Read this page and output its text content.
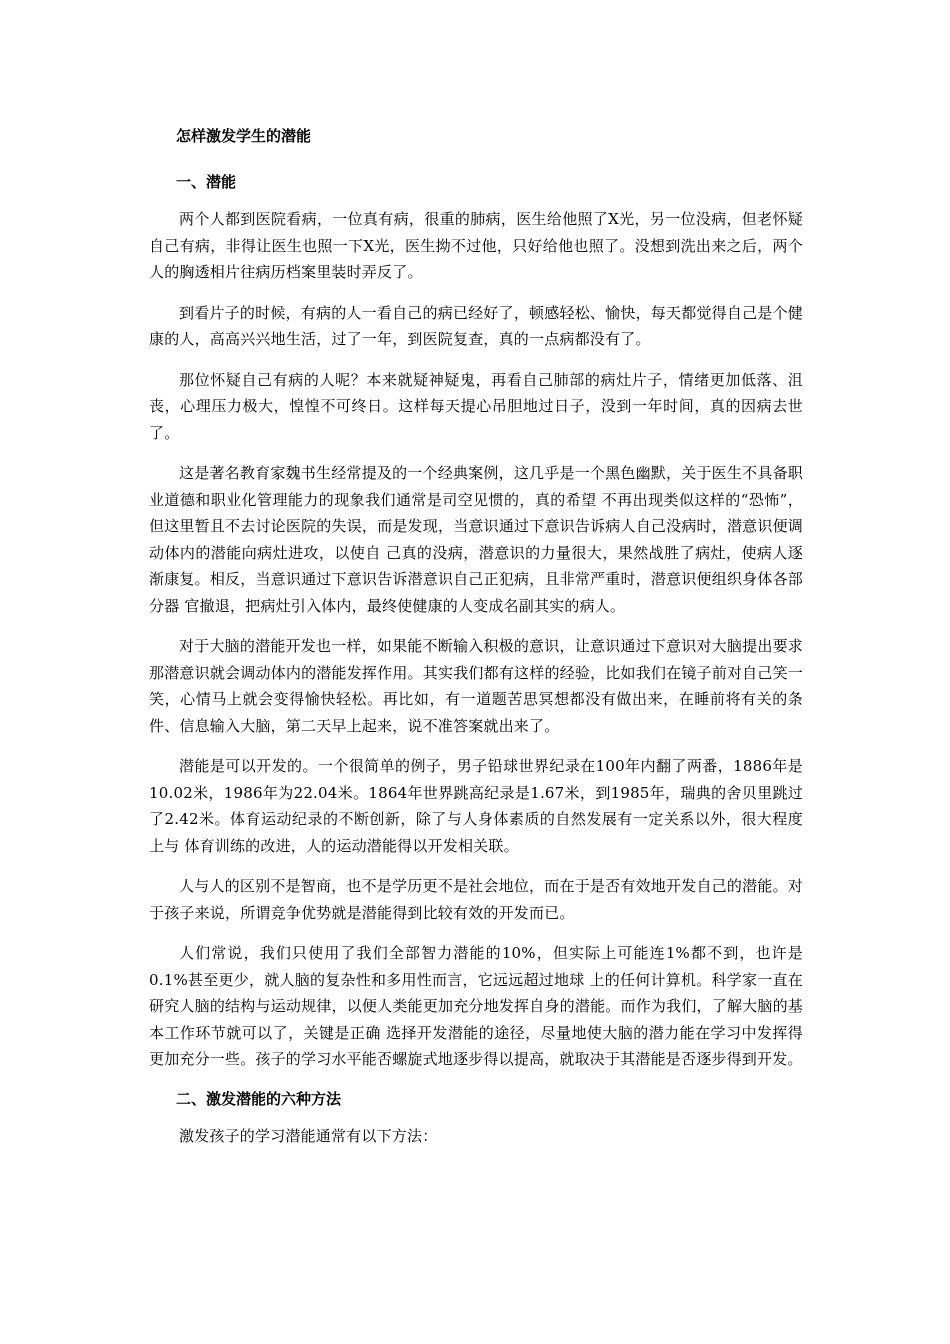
怎样激发学生的潜能
一、潜能

两个人都到医院看病，一位真有病，很重的肺病，医生给他照了X光，另一位没病，但老怀疑自己有病，非得让医生也照一下X光，医生拗不过他，只好给他也照了。没想到洗出来之后，两个人的胸透相片往病历档案里装时弄反了。

到看片子的时候，有病的人一看自己的病已经好了，顿感轻松、愉快，每天都觉得自己是个健康的人，高高兴兴地生活，过了一年，到医院复查，真的一点病都没有了。

那位怀疑自己有病的人呢？本来就疑神疑鬼，再看自己肺部的病灶片子，情绪更加低落、沮丧，心理压力极大，惶惶不可终日。这样每天提心吊胆地过日子，没到一年时间，真的因病去世了。

这是著名教育家魏书生经常提及的一个经典案例，这几乎是一个黑色幽默，关于医生不具备职业道德和职业化管理能力的现象我们通常是司空见惯的，真的希望 不再出现类似这样的“恐怖”，但这里暂且不去讨论医院的失误，而是发现，当意识通过下意识告诉病人自己没病时，潜意识便调动体内的潜能向病灶进攻，以使自 己真的没病，潜意识的力量很大，果然战胜了病灶，使病人逐渐康复。相反，当意识通过下意识告诉潜意识自己正犯病，且非常严重时，潜意识便组织身体各部分器 官撤退，把病灶引入体内，最终使健康的人变成名副其实的病人。

对于大脑的潜能开发也一样，如果能不断输入积极的意识，让意识通过下意识对大脑提出要求那潜意识就会调动体内的潜能发挥作用。其实我们都有这样的经验，比如我们在镜子前对自己笑一笑，心情马上就会变得愉快轻松。再比如，有一道题苦思冥想都没有做出来，在睡前将有关的条件、信息输入大脑，第二天早上起来，说不准答案就出来了。

潜能是可以开发的。一个很简单的例子，男子铅球世界纪录在100年内翻了两番，1886年是10.02米，1986年为22.04米。1864年世界跳高纪录是1.67米，到1985年，瑞典的舍贝里跳过了2.42米。体育运动纪录的不断创新，除了与人身体素质的自然发展有一定关系以外，很大程度上与 体育训练的改进，人的运动潜能得以开发相关联。

人与人的区别不是智商，也不是学历更不是社会地位，而在于是否有效地开发自己的潜能。对于孩子来说，所谓竞争优势就是潜能得到比较有效的开发而已。

人们常说，我们只使用了我们全部智力潜能的10%，但实际上可能连1%都不到，也许是0.1%甚至更少，就人脑的复杂性和多用性而言，它远远超过地球 上的任何计算机。科学家一直在研究人脑的结构与运动规律，以便人类能更加充分地发挥自身的潜能。而作为我们，了解大脑的基本工作环节就可以了，关键是正确 选择开发潜能的途径，尽量地使大脑的潜力能在学习中发挥得更加充分一些。孩子的学习水平能否螺旋式地逐步得以提高，就取决于其潜能是否逐步得到开发。

二、激发潜能的六种方法

激发孩子的学习潜能通常有以下方法：
